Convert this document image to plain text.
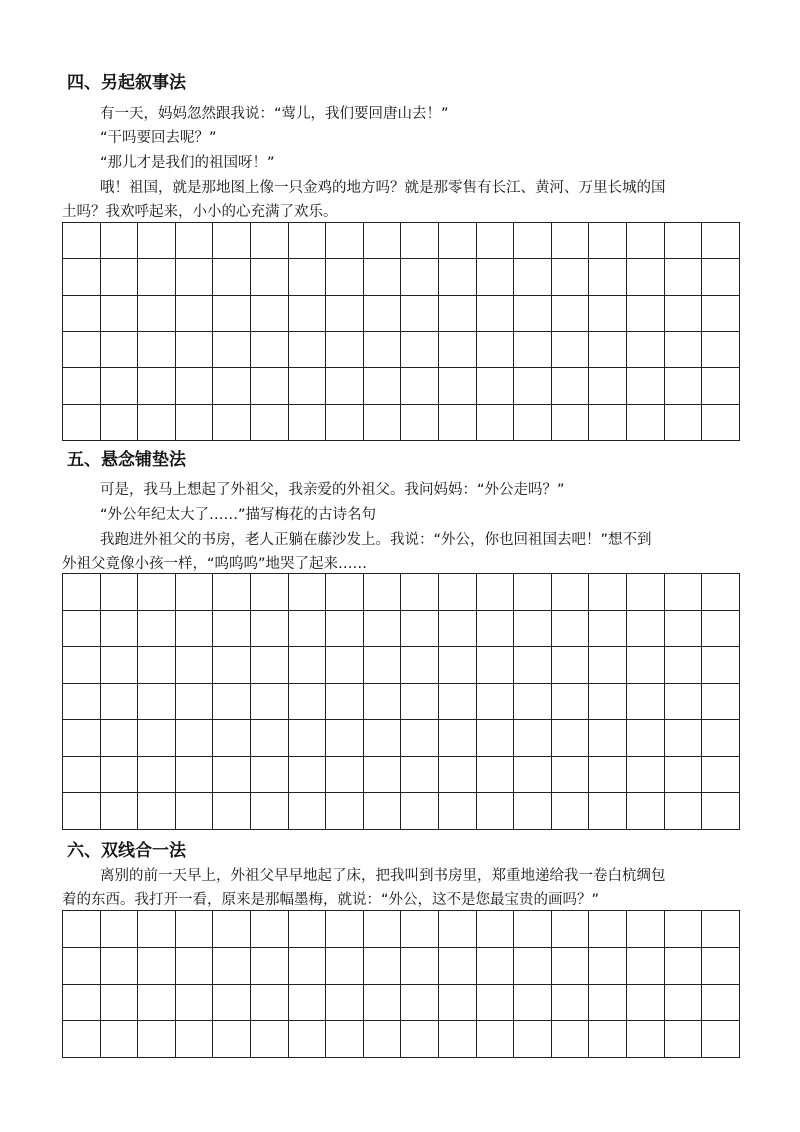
四、另起叙事法
有一天，妈妈忽然跟我说：“莺儿，我们要回唐山去！”
“干吗要回去呢？”
“那儿才是我们的祖国呀！”
哦！祖国，就是那地图上像一只金鸡的地方吗？就是那零售有长江、黄河、万里长城的国
土吗？我欢呼起来，小小的心充满了欢乐。

五、悬念铺垫法
可是，我马上想起了外祖父，我亲爱的外祖父。我问妈妈：“外公走吗？”
“外公年纪太大了……”描写梅花的古诗名句
我跑进外祖父的书房，老人正躺在藤沙发上。我说：“外公，你也回祖国去吧！”想不到
外祖父竟像小孩一样，“呜呜呜”地哭了起来……

六、双线合一法
离别的前一天早上，外祖父早早地起了床，把我叫到书房里，郑重地递给我一卷白杭绸包
着的东西。我打开一看，原来是那幅墨梅，就说：“外公，这不是您最宝贵的画吗？”
